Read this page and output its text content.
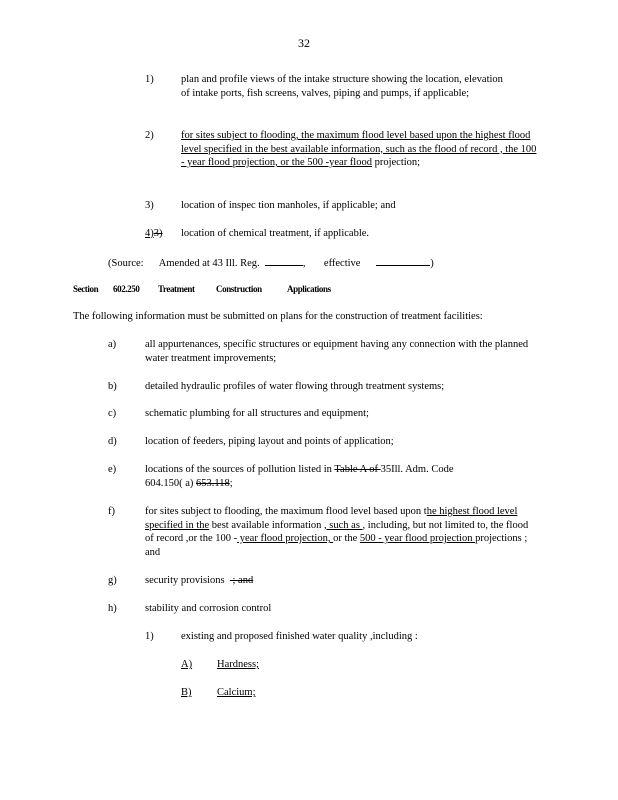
32
1)	plan and profile views of the intake structure showing the location, elevation of intake ports, fish screens, valves, piping and pumps, if applicable;
2)	for sites subject to flooding, the maximum flood level based upon the highest flood level specified in the best available information, such as the flood of record , the 100 - year flood projection, or the 500 -year flood projection;
3)	location of inspec tion manholes, if applicable; and
4)3) location of chemical treatment, if applicable.
(Source: Amended at 43 Ill. Reg.	, effective	)
Section 602.250 Treatment Construction	Applications
The following information must be submitted on plans for the construction of treatment facilities:
a)	all appurtenances, specific structures or equipment having any connection with the planned water treatment improvements;
b)	detailed hydraulic profiles of water flowing through treatment systems;
c)	schematic plumbing for all structures and equipment;
d)	location of feeders, piping layout and points of application;
e)	locations of the sources of pollution listed in Table A of 35Ill. Adm. Code
604.150( a) 653.118;
f)	for sites subject to flooding, the maximum flood level based upon the highest flood level specified in the best available information , such as , including, but not limited to, the flood of record ,or the 100 - year flood projection, or the 500 - year flood projection projections ; and
g)	security provisions   ; and
h)	stability and corrosion control
1)	existing and proposed finished water quality ,including :
A) Hardness;
B) Calcium;
